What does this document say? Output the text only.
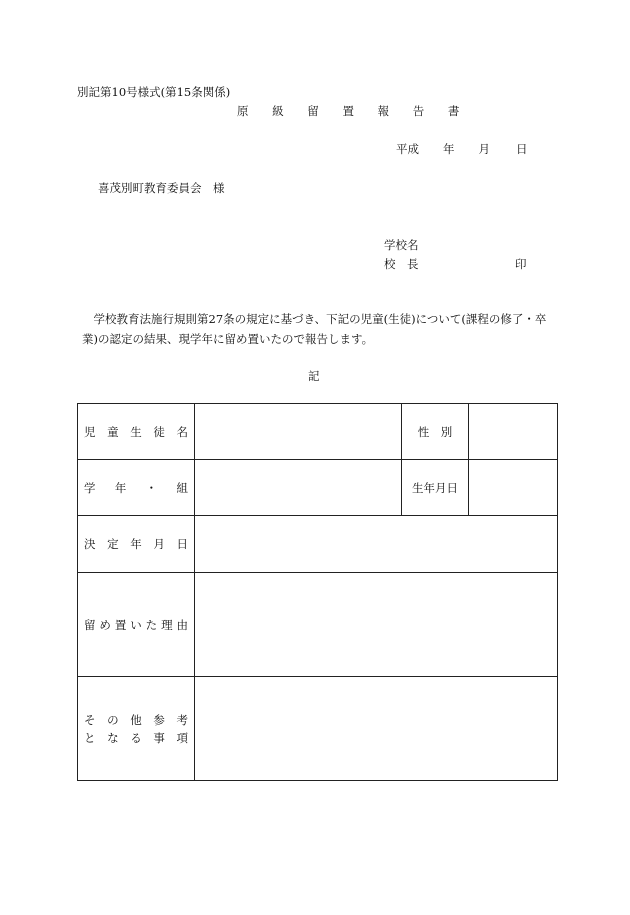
別記第10号様式(第15条関係)
原 級 留 置 報 告 書
平成 年 月 日
喜茂別町教育委員会　様
学校名
校　長	印
　学校教育法施行規則第27条の規定に基づき、下記の児童(生徒)について(課程の修了・卒業)の認定の結果、現学年に留め置いたので報告します。
記
児童生徒名		性　別	
学　年　・　組		生年月日	
決定年月日			
留め置いた理由			

その他参考
となる事項			
